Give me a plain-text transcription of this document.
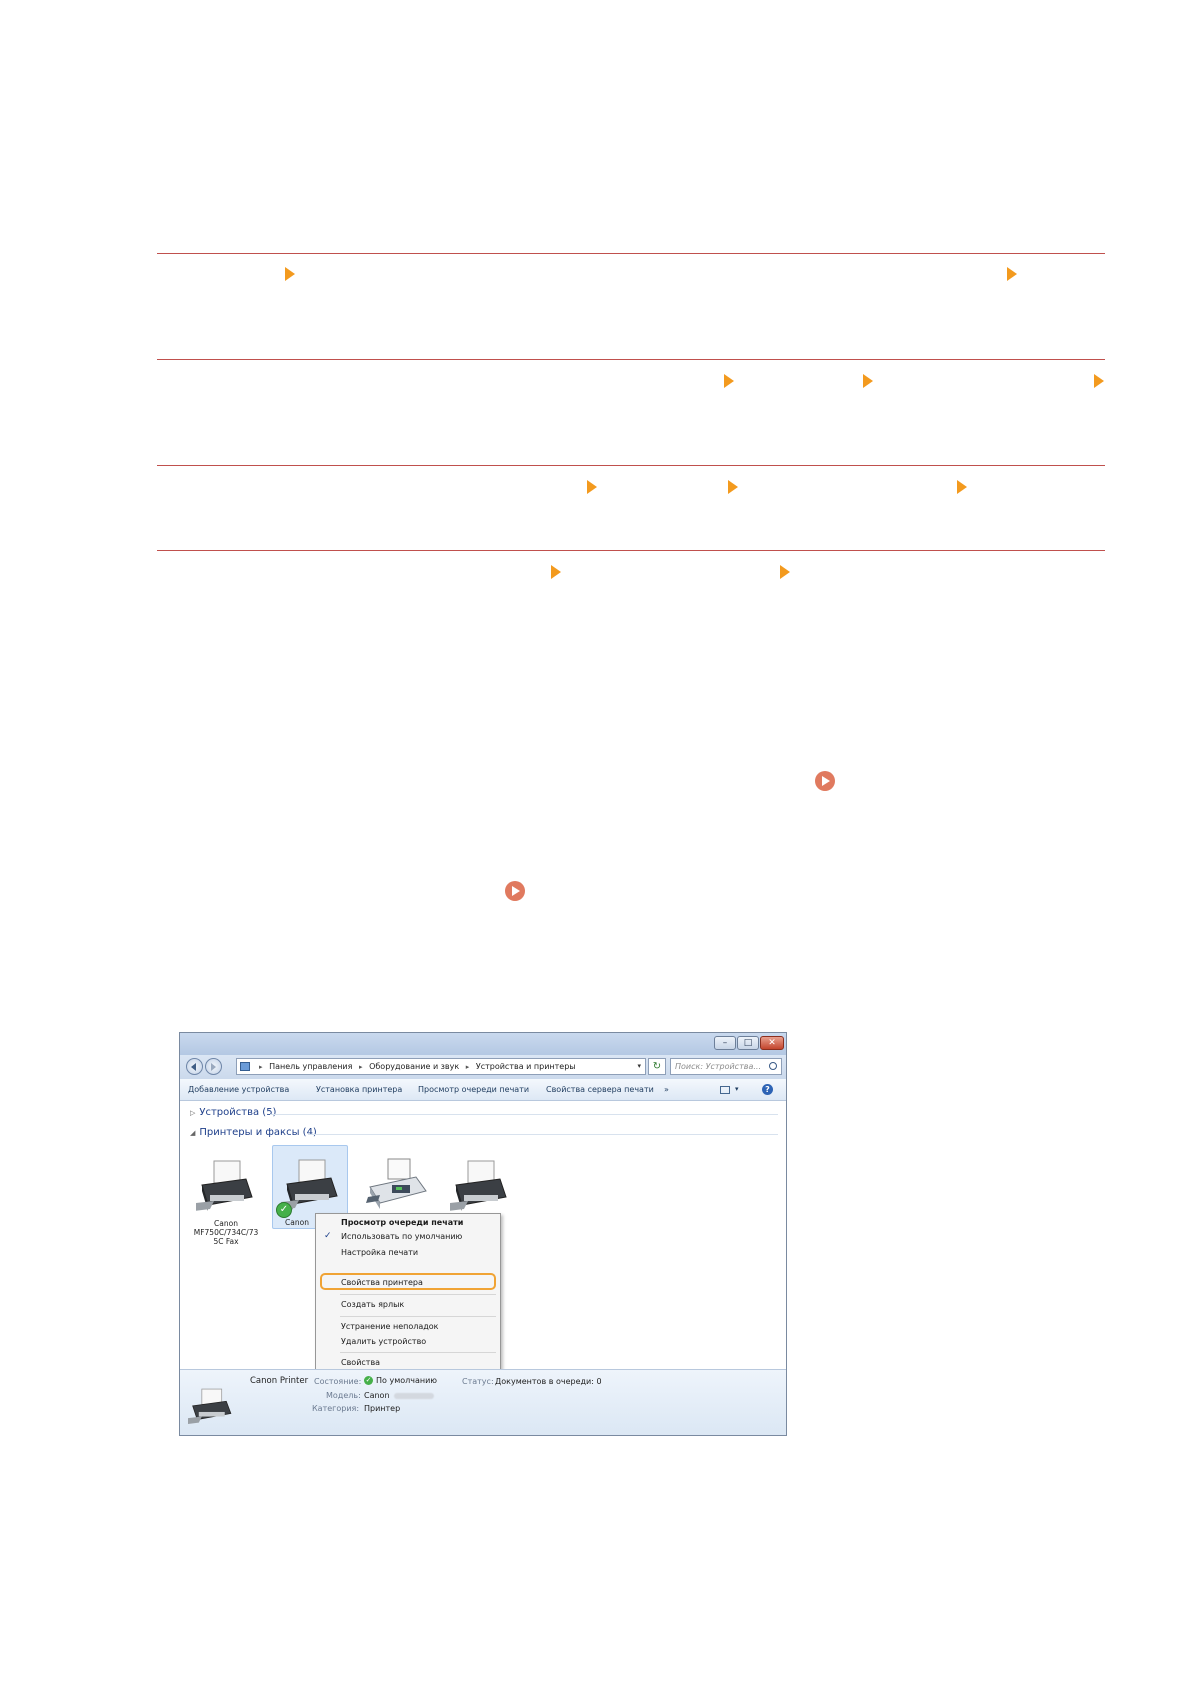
–	□	✕
▸ Панель управления ▸ Оборудование и звук ▸ Устройства и принтеры	▾	↻	Поиск: Устройства...
Добавление устройства	Установка принтера Просмотр очереди печати Свойства сервера печати »	▾	?
▷ Устройства (5)
◢ Принтеры и факсы (4)
Canon
MF750C/734C/73
5C Fax
✓
Canon	Просмотр очереди печати
✓ Использовать по умолчанию
Настройка печати
Свойства принтера
Создать ярлык
Устранение неполадок
Удалить устройство
Свойства
Canon Printer Состояние: ✓ По умолчанию	Статус: Документов в очереди: 0
Модель: Canon
Категория: Принтер
